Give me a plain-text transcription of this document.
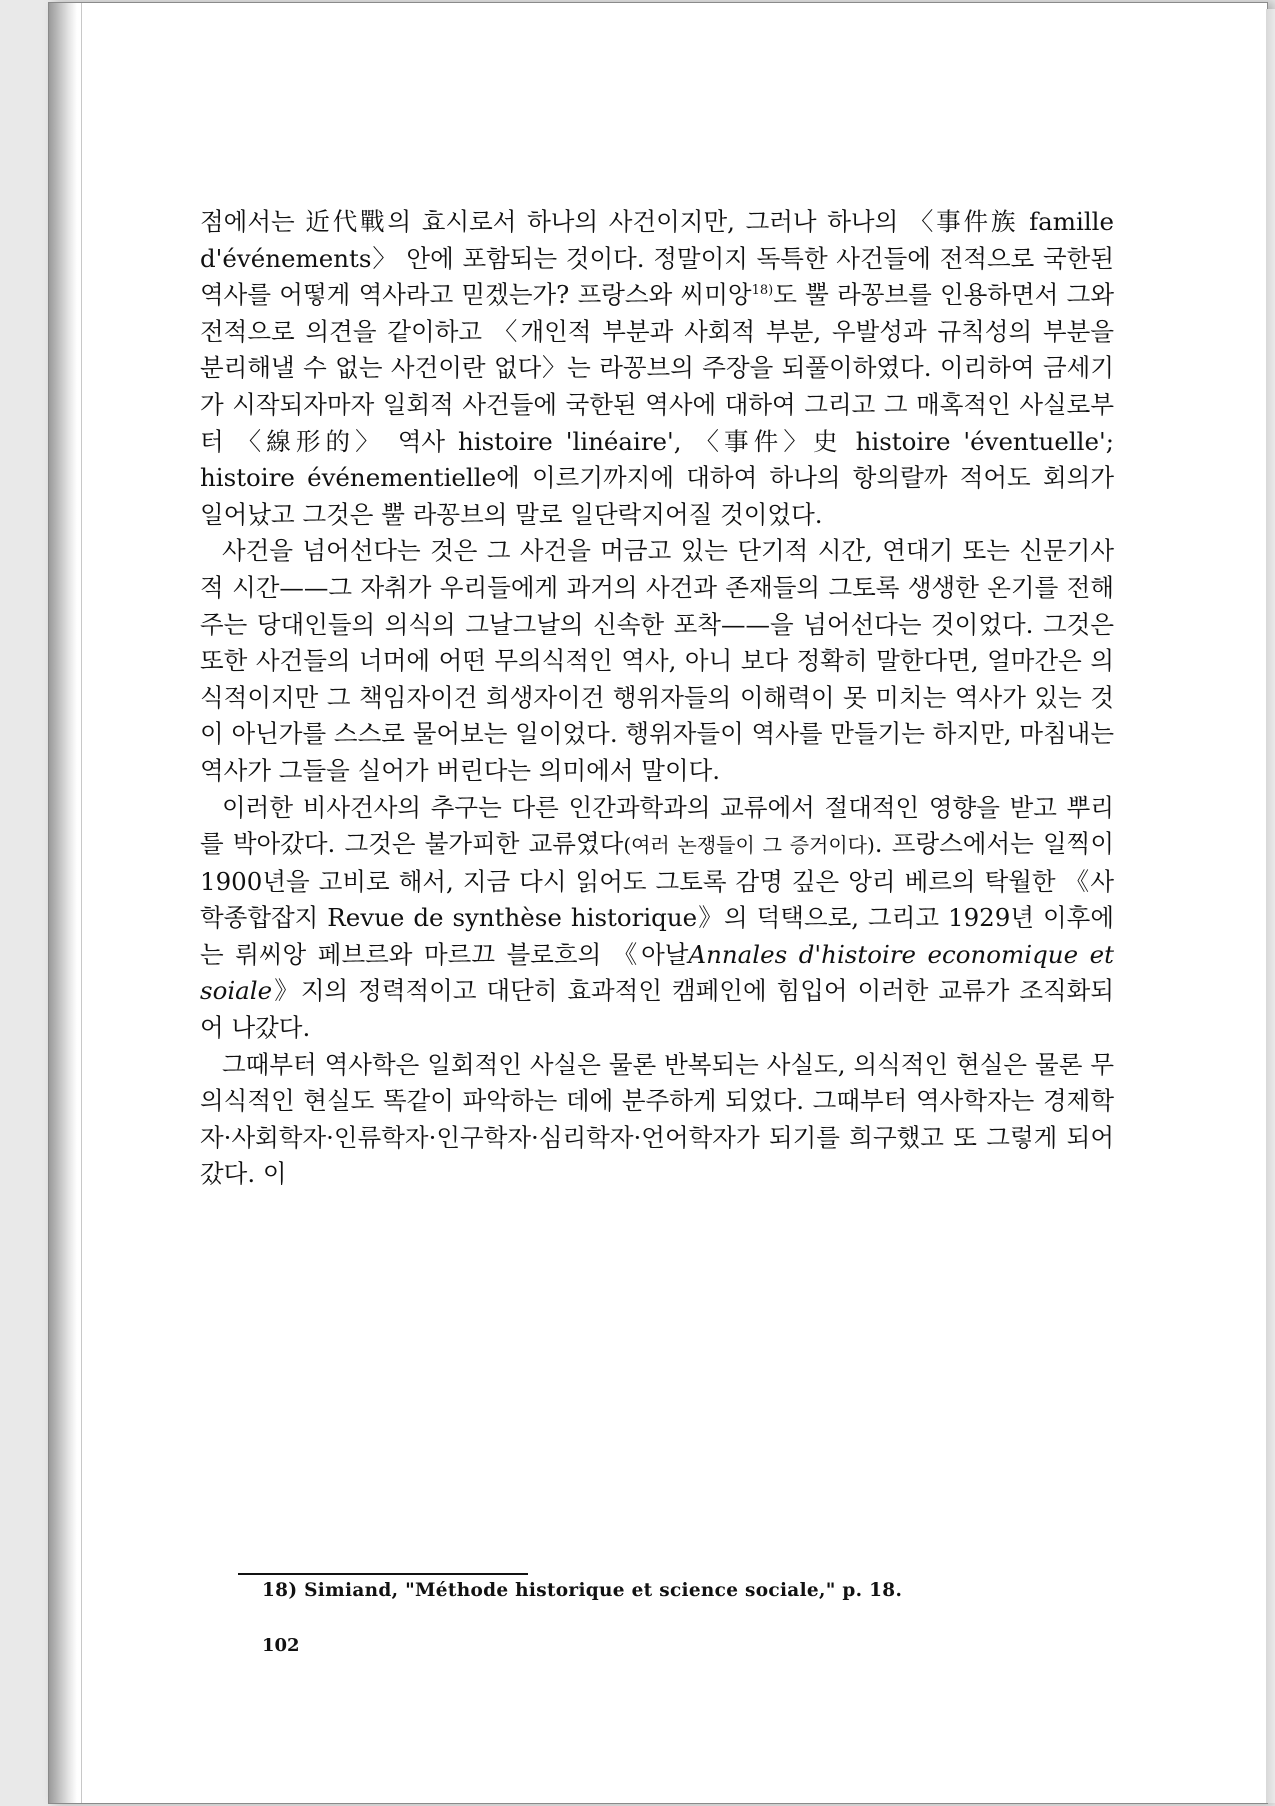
점에서는 近代戰의 효시로서 하나의 사건이지만, 그러나 하나의 〈事件族 famille d'événements〉 안에 포함되는 것이다. 정말이지 독특한 사건들에 전적으로 국한된 역사를 어떻게 역사라고 믿겠는가? 프랑스와 씨미앙$^{18)}$도 뿔 라꽁브를 인용하면서 그와 전적으로 의견을 같이하고 〈개인적 부분과 사회적 부분, 우발성과 규칙성의 부분을 분리해낼 수 없는 사건이란 없다〉는 라꽁브의 주장을 되풀이하였다. 이리하여 금세기가 시작되자마자 일회적 사건들에 국한된 역사에 대하여 그리고 그 매혹적인 사실로부터 〈線形的〉 역사 histoire 'linéaire', 〈事件〉史 histoire 'éventuelle'; histoire événementielle에 이르기까지에 대하여 하나의 항의랄까 적어도 회의가 일어났고 그것은 뿔 라꽁브의 말로 일단락지어질 것이었다.

사건을 넘어선다는 것은 그 사건을 머금고 있는 단기적 시간, 연대기 또는 신문기사적 시간——그 자취가 우리들에게 과거의 사건과 존재들의 그토록 생생한 온기를 전해 주는 당대인들의 의식의 그날그날의 신속한 포착——을 넘어선다는 것이었다. 그것은 또한 사건들의 너머에 어떤 무의식적인 역사, 아니 보다 정확히 말한다면, 얼마간은 의식적이지만 그 책임자이건 희생자이건 행위자들의 이해력이 못 미치는 역사가 있는 것이 아닌가를 스스로 물어보는 일이었다. 행위자들이 역사를 만들기는 하지만, 마침내는 역사가 그들을 실어가 버린다는 의미에서 말이다.

이러한 비사건사의 추구는 다른 인간과학과의 교류에서 절대적인 영향을 받고 뿌리를 박아갔다. 그것은 불가피한 교류였다(여러 논쟁들이 그 증거이다). 프랑스에서는 일찍이 1900년을 고비로 해서, 지금 다시 읽어도 그토록 감명 깊은 앙리 베르의 탁월한 《사학종합잡지 Revue de synthèse historique》의 덕택으로, 그리고 1929년 이후에는 뤼씨앙 페브르와 마르끄 블로흐의 《아날Annales d'histoire economique et soiale》지의 정력적이고 대단히 효과적인 캠페인에 힘입어 이러한 교류가 조직화되어 나갔다.

그때부터 역사학은 일회적인 사실은 물론 반복되는 사실도, 의식적인 현실은 물론 무의식적인 현실도 똑같이 파악하는 데에 분주하게 되었다. 그때부터 역사학자는 경제학자·사회학자·인류학자·인구학자·심리학자·언어학자가 되기를 희구했고 또 그렇게 되어갔다. 이

18) Simiand, "Méthode historique et science sociale," p. 18.
102
